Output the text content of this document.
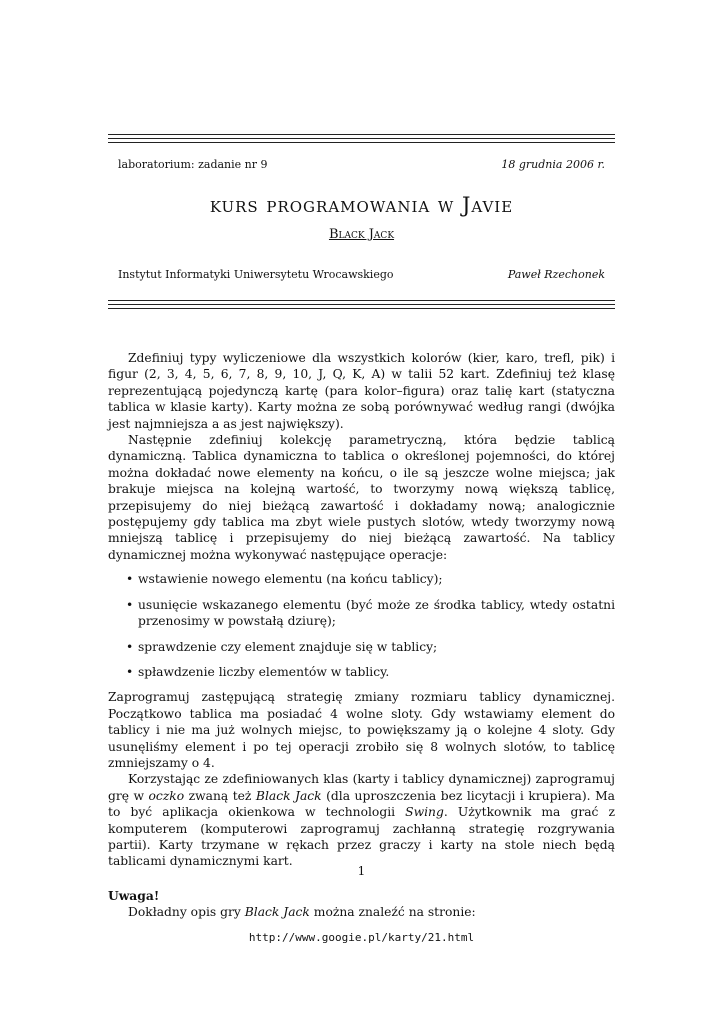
laboratorium: zadanie nr 9	18 grudnia 2006 r.
kurs programowania w Javie
Black Jack
Instytut Informatyki Uniwersytetu Wrocawskiego	Paweł Rzechonek

Zdefiniuj typy wyliczeniowe dla wszystkich kolorów (kier, karo, trefl, pik) i figur (2, 3, 4, 5, 6, 7, 8, 9, 10, J, Q, K, A) w talii 52 kart. Zdefiniuj też klasę reprezentującą pojedynczą kartę (para kolor–figura) oraz talię kart (statyczna tablica w klasie karty). Karty można ze sobą porównywać według rangi (dwójka jest najmniejsza a as jest największy).

Następnie zdefiniuj kolekcję parametryczną, która będzie tablicą dynamiczną. Tablica dynamiczna to tablica o określonej pojemności, do której można dokładać nowe elementy na końcu, o ile są jeszcze wolne miejsca; jak brakuje miejsca na kolejną wartość, to tworzymy nową większą tablicę, przepisujemy do niej bieżącą zawartość i dokładamy nową; analogicznie postępujemy gdy tablica ma zbyt wiele pustych slotów, wtedy tworzymy nową mniejszą tablicę i przepisujemy do niej bieżącą zawartość. Na tablicy dynamicznej można wykonywać następujące operacje:

• wstawienie nowego elementu (na końcu tablicy);
• usunięcie wskazanego elementu (być może ze środka tablicy, wtedy ostatni przenosimy w powstałą dziurę);
• sprawdzenie czy element znajduje się w tablicy;
• spławdzenie liczby elementów w tablicy.

Zaprogramuj zastępującą strategię zmiany rozmiaru tablicy dynamicznej. Początkowo tablica ma posiadać 4 wolne sloty. Gdy wstawiamy element do tablicy i nie ma już wolnych miejsc, to powiększamy ją o kolejne 4 sloty. Gdy usunęliśmy element i po tej operacji zrobiło się 8 wolnych slotów, to tablicę zmniejszamy o 4.

Korzystając ze zdefiniowanych klas (karty i tablicy dynamicznej) zaprogramuj grę w oczko zwaną też Black Jack (dla uproszczenia bez licytacji i krupiera). Ma to być aplikacja okienkowa w technologii Swing. Użytkownik ma grać z komputerem (komputerowi zaprogramuj zachłanną strategię rozgrywania partii). Karty trzymane w rękach przez graczy i karty na stole niech będą tablicami dynamicznymi kart.

Uwaga!

Dokładny opis gry Black Jack można znaleźć na stronie:

http://www.googie.pl/karty/21.html
1
